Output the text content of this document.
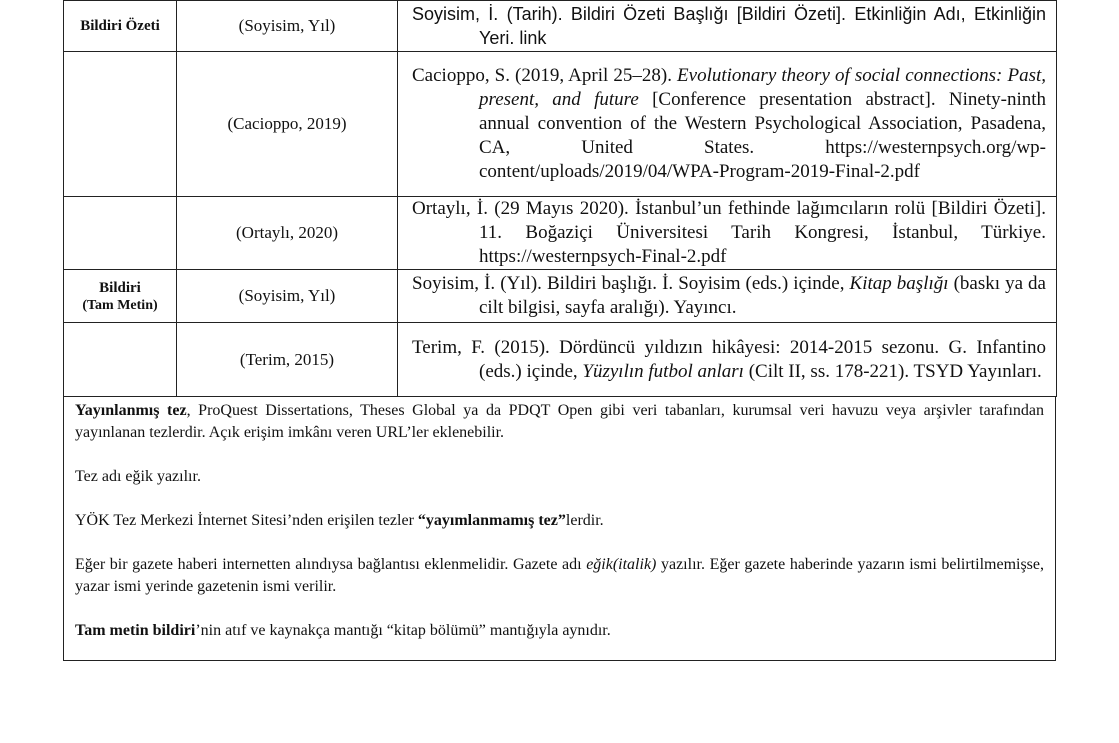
Bildiri Özeti	(Soyisim, Yıl)	Soyisim, İ. (Tarih). Bildiri Özeti Başlığı [Bildiri Özeti]. Etkinliğin Adı, Etkinliğin Yeri. link
	(Cacioppo, 2019)	Cacioppo, S. (2019, April 25–28). Evolutionary theory of social connections: Past, present, and future [Conference presentation abstract]. Ninety-ninth annual convention of the Western Psychological Association, Pasadena, CA, United States. https://westernpsych.org/wp-content/uploads/2019/04/WPA-Program-2019-Final-2.pdf
	(Ortaylı, 2020)	Ortaylı, İ. (29 Mayıs 2020). İstanbul’un fethinde lağımcıların rolü [Bildiri Özeti]. 11. Boğaziçi Üniversitesi Tarih Kongresi, İstanbul, Türkiye. https://westernpsych-Final-2.pdf

Bildiri
(Tam Metin)	(Soyisim, Yıl)	Soyisim, İ. (Yıl). Bildiri başlığı. İ. Soyisim (eds.) içinde, Kitap başlığı (baskı ya da cilt bilgisi, sayfa aralığı). Yayıncı.
	(Terim, 2015)	Terim, F. (2015). Dördüncü yıldızın hikâyesi: 2014-2015 sezonu. G. Infantino (eds.) içinde, Yüzyılın futbol anları (Cilt II, ss. 178-221). TSYD Yayınları.

Yayınlanmış tez, ProQuest Dissertations, Theses Global ya da PDQT Open gibi veri tabanları, kurumsal veri havuzu veya arşivler tarafından yayınlanan tezlerdir. Açık erişim imkânı veren URL’ler eklenebilir.

Tez adı eğik yazılır.

YÖK Tez Merkezi İnternet Sitesi’nden erişilen tezler “yayımlanmamış tez”lerdir.

Eğer bir gazete haberi internetten alındıysa bağlantısı eklenmelidir. Gazete adı eğik(italik) yazılır. Eğer gazete haberinde yazarın ismi belirtilmemişse, yazar ismi yerinde gazetenin ismi verilir.

Tam metin bildiri’nin atıf ve kaynakça mantığı “kitap bölümü” mantığıyla aynıdır.
